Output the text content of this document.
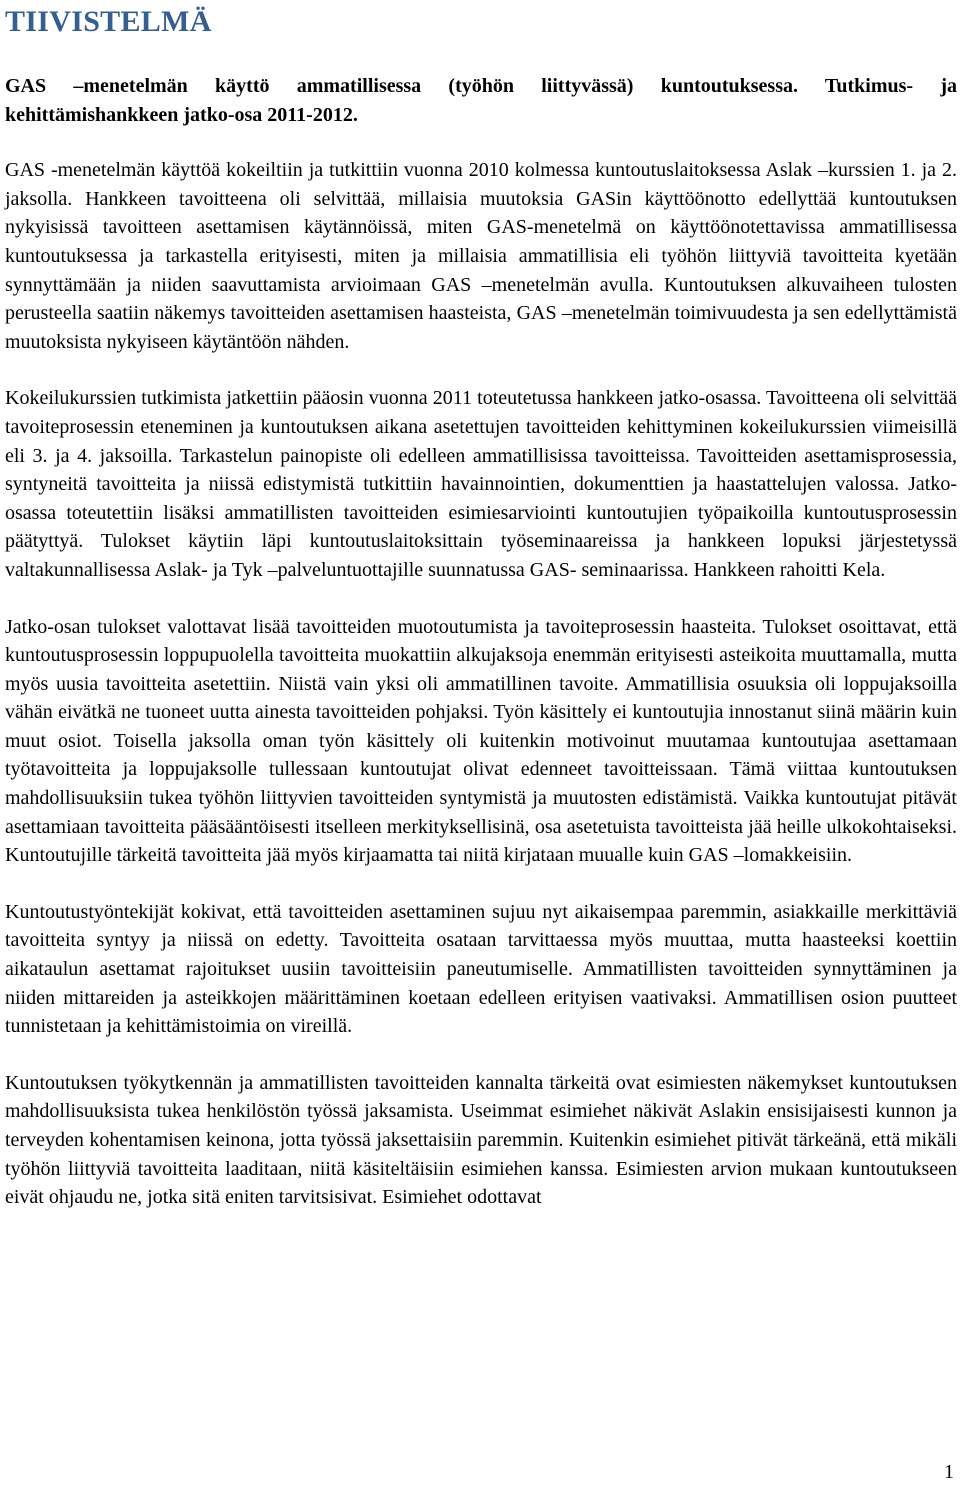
TIIVISTELMÄ

GAS –menetelmän käyttö ammatillisessa (työhön liittyvässä) kuntoutuksessa. Tutkimus- ja kehittämishankkeen jatko-osa 2011-2012.

GAS -menetelmän käyttöä kokeiltiin ja tutkittiin vuonna 2010 kolmessa kuntoutuslaitoksessa Aslak –kurssien 1. ja 2. jaksolla. Hankkeen tavoitteena oli selvittää, millaisia muutoksia GASin käyttöönotto edellyttää kuntoutuksen nykyisissä tavoitteen asettamisen käytännöissä, miten GAS-menetelmä on käyttöönotettavissa ammatillisessa kuntoutuksessa ja tarkastella erityisesti, miten ja millaisia ammatillisia eli työhön liittyviä tavoitteita kyetään synnyttämään ja niiden saavuttamista arvioimaan GAS –menetelmän avulla. Kuntoutuksen alkuvaiheen tulosten perusteella saatiin näkemys tavoitteiden asettamisen haasteista, GAS –menetelmän toimivuudesta ja sen edellyttämistä muutoksista nykyiseen käytäntöön nähden.

Kokeilukurssien tutkimista jatkettiin pääosin vuonna 2011 toteutetussa hankkeen jatko-osassa. Tavoitteena oli selvittää tavoiteprosessin eteneminen ja kuntoutuksen aikana asetettujen tavoitteiden kehittyminen kokeilukurssien viimeisillä eli 3. ja 4. jaksoilla. Tarkastelun painopiste oli edelleen ammatillisissa tavoitteissa. Tavoitteiden asettamisprosessia, syntyneitä tavoitteita ja niissä edistymistä tutkittiin havainnointien, dokumenttien ja haastattelujen valossa. Jatko-osassa toteutettiin lisäksi ammatillisten tavoitteiden esimiesarviointi kuntoutujien työpaikoilla kuntoutusprosessin päätyttyä. Tulokset käytiin läpi kuntoutuslaitoksittain työseminaareissa ja hankkeen lopuksi järjestetyssä valtakunnallisessa Aslak- ja Tyk –palveluntuottajille suunnatussa GAS- seminaarissa. Hankkeen rahoitti Kela.

Jatko-osan tulokset valottavat lisää tavoitteiden muotoutumista ja tavoiteprosessin haasteita. Tulokset osoittavat, että kuntoutusprosessin loppupuolella tavoitteita muokattiin alkujaksoja enemmän erityisesti asteikoita muuttamalla, mutta myös uusia tavoitteita asetettiin. Niistä vain yksi oli ammatillinen tavoite. Ammatillisia osuuksia oli loppujaksoilla vähän eivätkä ne tuoneet uutta ainesta tavoitteiden pohjaksi. Työn käsittely ei kuntoutujia innostanut siinä määrin kuin muut osiot. Toisella jaksolla oman työn käsittely oli kuitenkin motivoinut muutamaa kuntoutujaa asettamaan työtavoitteita ja loppujaksolle tullessaan kuntoutujat olivat edenneet tavoitteissaan. Tämä viittaa kuntoutuksen mahdollisuuksiin tukea työhön liittyvien tavoitteiden syntymistä ja muutosten edistämistä. Vaikka kuntoutujat pitävät asettamiaan tavoitteita pääsääntöisesti itselleen merkityksellisinä, osa asetetuista tavoitteista jää heille ulkokohtaiseksi. Kuntoutujille tärkeitä tavoitteita jää myös kirjaamatta tai niitä kirjataan muualle kuin GAS –lomakkeisiin.

Kuntoutustyöntekijät kokivat, että tavoitteiden asettaminen sujuu nyt aikaisempaa paremmin, asiakkaille merkittäviä tavoitteita syntyy ja niissä on edetty. Tavoitteita osataan tarvittaessa myös muuttaa, mutta haasteeksi koettiin aikataulun asettamat rajoitukset uusiin tavoitteisiin paneutumiselle. Ammatillisten tavoitteiden synnyttäminen ja niiden mittareiden ja asteikkojen määrittäminen koetaan edelleen erityisen vaativaksi. Ammatillisen osion puutteet tunnistetaan ja kehittämistoimia on vireillä.

Kuntoutuksen työkytkennän ja ammatillisten tavoitteiden kannalta tärkeitä ovat esimiesten näkemykset kuntoutuksen mahdollisuuksista tukea henkilöstön työssä jaksamista. Useimmat esimiehet näkivät Aslakin ensisijaisesti kunnon ja terveyden kohentamisen keinona, jotta työssä jaksettaisiin paremmin. Kuitenkin esimiehet pitivät tärkeänä, että mikäli työhön liittyviä tavoitteita laaditaan, niitä käsiteltäisiin esimiehen kanssa. Esimiesten arvion mukaan kuntoutukseen eivät ohjaudu ne, jotka sitä eniten tarvitsisivat. Esimiehet odottavat

1
